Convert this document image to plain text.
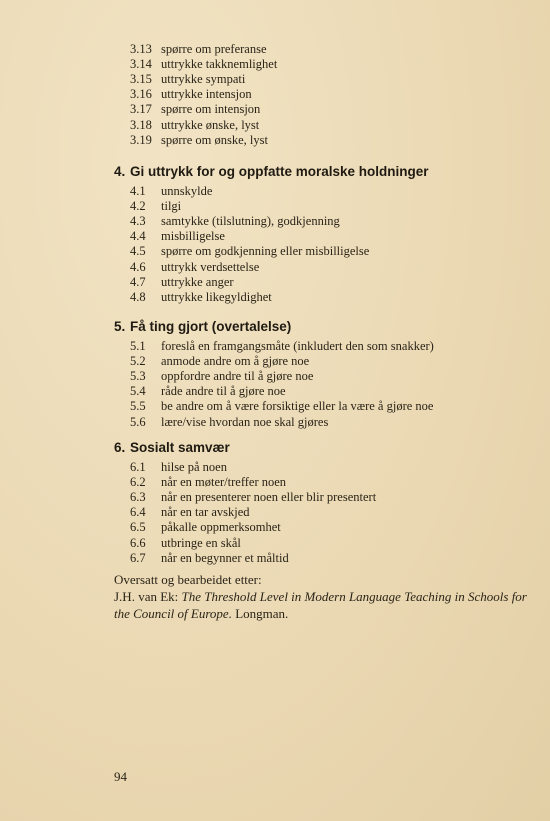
3.13 spørre om preferanse
3.14 uttrykke takknemlighet
3.15 uttrykke sympati
3.16 uttrykke intensjon
3.17 spørre om intensjon
3.18 uttrykke ønske, lyst
3.19 spørre om ønske, lyst
4. Gi uttrykk for og oppfatte moralske holdninger
4.1	unnskylde
4.2	tilgi
4.3	samtykke (tilslutning), godkjenning
4.4	misbilligelse
4.5	spørre om godkjenning eller misbilligelse
4.6	uttrykk verdsettelse
4.7	uttrykke anger
4.8	uttrykke likegyldighet
5. Få ting gjort (overtalelse)
5.1	foreslå en framgangsmåte (inkludert den som snakker)
5.2	anmode andre om å gjøre noe
5.3	oppfordre andre til å gjøre noe
5.4	råde andre til å gjøre noe
5.5	be andre om å være forsiktige eller la være å gjøre noe
5.6	lære/vise hvordan noe skal gjøres
6. Sosialt samvær
6.1	hilse på noen
6.2	når en møter/treffer noen
6.3	når en presenterer noen eller blir presentert
6.4	når en tar avskjed
6.5	påkalle oppmerksomhet
6.6	utbringe en skål
6.7	når en begynner et måltid
Oversatt og bearbeidet etter:
J.H. van Ek: The Threshold Level in Modern Language Teaching in Schools for the Council of Europe. Longman.
94
